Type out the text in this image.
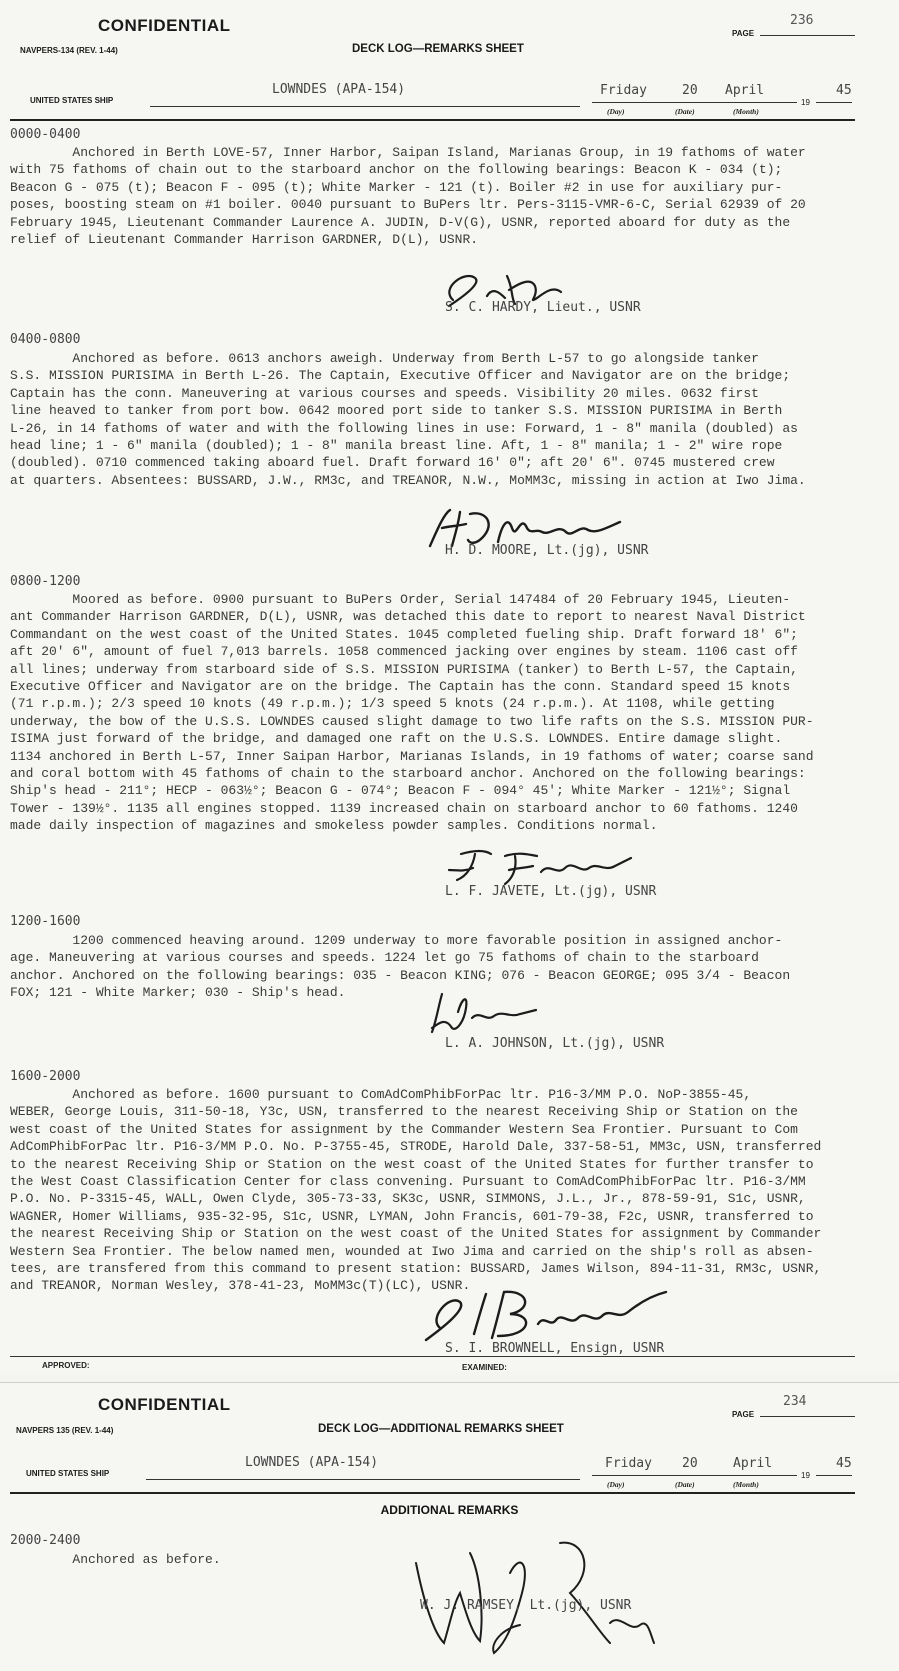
CONFIDENTIAL
NAVPERS-134 (REV. 1-44)	DECK LOG—REMARKS SHEET
PAGE
236
UNITED STATES SHIP
LOWNDES (APA-154)	Friday	20 April
19
45
(Day)	(Date)	(Month)
0000-0400
Anchored in Berth LOVE-57, Inner Harbor, Saipan Island, Marianas Group, in 19 fathoms of water
with 75 fathoms of chain out to the starboard anchor on the following bearings: Beacon K - 034 (t);
Beacon G - 075 (t); Beacon F - 095 (t); White Marker - 121 (t). Boiler #2 in use for auxiliary pur-
poses, boosting steam on #1 boiler. 0040 pursuant to BuPers ltr. Pers-3115-VMR-6-C, Serial 62939 of 20
February 1945, Lieutenant Commander Laurence A. JUDIN, D-V(G), USNR, reported aboard for duty as the
relief of Lieutenant Commander Harrison GARDNER, D(L), USNR.
S. C. HARDY, Lieut., USNR
0400-0800
Anchored as before. 0613 anchors aweigh. Underway from Berth L-57 to go alongside tanker
S.S. MISSION PURISIMA in Berth L-26. The Captain, Executive Officer and Navigator are on the bridge;
Captain has the conn. Maneuvering at various courses and speeds. Visibility 20 miles. 0632 first
line heaved to tanker from port bow. 0642 moored port side to tanker S.S. MISSION PURISIMA in Berth
L-26, in 14 fathoms of water and with the following lines in use: Forward, 1 - 8" manila (doubled) as
head line; 1 - 6" manila (doubled); 1 - 8" manila breast line. Aft, 1 - 8" manila; 1 - 2" wire rope
(doubled). 0710 commenced taking aboard fuel. Draft forward 16' 0"; aft 20' 6". 0745 mustered crew
at quarters. Absentees: BUSSARD, J.W., RM3c, and TREANOR, N.W., MoMM3c, missing in action at Iwo Jima.
H. D. MOORE, Lt.(jg), USNR
0800-1200
Moored as before. 0900 pursuant to BuPers Order, Serial 147484 of 20 February 1945, Lieuten-
ant Commander Harrison GARDNER, D(L), USNR, was detached this date to report to nearest Naval District
Commandant on the west coast of the United States. 1045 completed fueling ship. Draft forward 18' 6";
aft 20' 6", amount of fuel 7,013 barrels. 1058 commenced jacking over engines by steam. 1106 cast off
all lines; underway from starboard side of S.S. MISSION PURISIMA (tanker) to Berth L-57, the Captain,
Executive Officer and Navigator are on the bridge. The Captain has the conn. Standard speed 15 knots
(71 r.p.m.); 2/3 speed 10 knots (49 r.p.m.); 1/3 speed 5 knots (24 r.p.m.). At 1108, while getting
underway, the bow of the U.S.S. LOWNDES caused slight damage to two life rafts on the S.S. MISSION PUR-
ISIMA just forward of the bridge, and damaged one raft on the U.S.S. LOWNDES. Entire damage slight.
1134 anchored in Berth L-57, Inner Saipan Harbor, Marianas Islands, in 19 fathoms of water; coarse sand
and coral bottom with 45 fathoms of chain to the starboard anchor. Anchored on the following bearings:
Ship's head - 211°; HECP - 063½°; Beacon G - 074°; Beacon F - 094° 45'; White Marker - 121½°; Signal
Tower - 139½°. 1135 all engines stopped. 1139 increased chain on starboard anchor to 60 fathoms. 1240
made daily inspection of magazines and smokeless powder samples. Conditions normal.
L. F. JAVETE, Lt.(jg), USNR
1200-1600
1200 commenced heaving around. 1209 underway to more favorable position in assigned anchor-
age. Maneuvering at various courses and speeds. 1224 let go 75 fathoms of chain to the starboard
anchor. Anchored on the following bearings: 035 - Beacon KING; 076 - Beacon GEORGE; 095 3/4 - Beacon
FOX; 121 - White Marker; 030 - Ship's head.
L. A. JOHNSON, Lt.(jg), USNR
1600-2000
Anchored as before. 1600 pursuant to ComAdComPhibForPac ltr. P16-3/MM P.O. NoP-3855-45,
WEBER, George Louis, 311-50-18, Y3c, USN, transferred to the nearest Receiving Ship or Station on the
west coast of the United States for assignment by the Commander Western Sea Frontier. Pursuant to Com
AdComPhibForPac ltr. P16-3/MM P.O. No. P-3755-45, STRODE, Harold Dale, 337-58-51, MM3c, USN, transferred
to the nearest Receiving Ship or Station on the west coast of the United States for further transfer to
the West Coast Classification Center for class convening. Pursuant to ComAdComPhibForPac ltr. P16-3/MM
P.O. No. P-3315-45, WALL, Owen Clyde, 305-73-33, SK3c, USNR, SIMMONS, J.L., Jr., 878-59-91, S1c, USNR,
WAGNER, Homer Williams, 935-32-95, S1c, USNR, LYMAN, John Francis, 601-79-38, F2c, USNR, transferred to
the nearest Receiving Ship or Station on the west coast of the United States for assignment by Commander
Western Sea Frontier. The below named men, wounded at Iwo Jima and carried on the ship's roll as absen-
tees, are transfered from this command to present station: BUSSARD, James Wilson, 894-11-31, RM3c, USNR,
and TREANOR, Norman Wesley, 378-41-23, MoMM3c(T)(LC), USNR.
S. I. BROWNELL, Ensign, USNR
APPROVED:	EXAMINED:
CONFIDENTIAL
NAVPERS 135 (REV. 1-44)	DECK LOG—ADDITIONAL REMARKS SHEET
PAGE
234
UNITED STATES SHIP
LOWNDES (APA-154)	Friday 20	April
19
45
(Day)	(Date)	(Month)
ADDITIONAL REMARKS
2000-2400
Anchored as before.
W. J. RAMSEY, Lt.(jg), USNR
